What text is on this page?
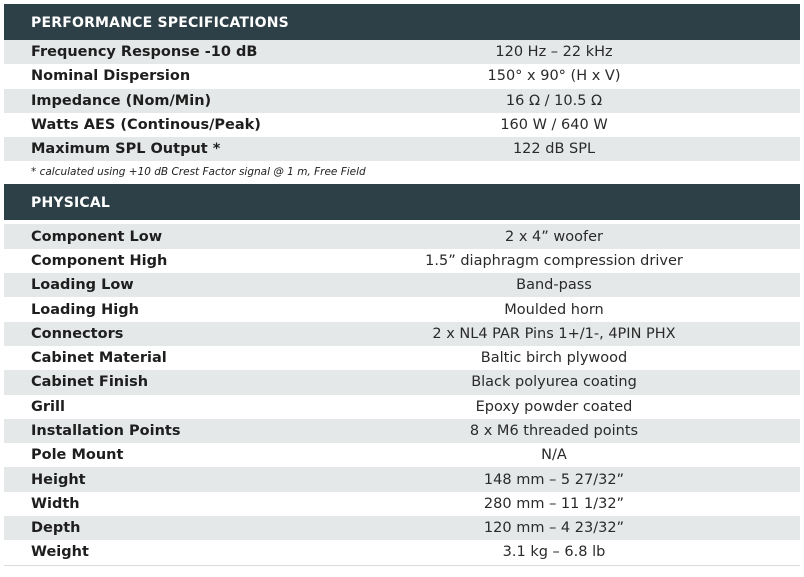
PERFORMANCE SPECIFICATIONS
Frequency Response -10 dB	120 Hz – 22 kHz
Nominal Dispersion	150° x 90° (H x V)
Impedance (Nom/Min)	16 Ω / 10.5 Ω
Watts AES (Continous/Peak)	160 W / 640 W
Maximum SPL Output *	122 dB SPL
* calculated using +10 dB Crest Factor signal @ 1 m, Free Field
PHYSICAL
Component Low	2 x 4” woofer
Component High	1.5” diaphragm compression driver
Loading Low	Band-pass
Loading High	Moulded horn
Connectors	2 x NL4 PAR Pins 1+/1-, 4PIN PHX
Cabinet Material	Baltic birch plywood
Cabinet Finish	Black polyurea coating
Grill	Epoxy powder coated
Installation Points	8 x M6 threaded points
Pole Mount	N/A
Height	148 mm – 5 27/32”
Width	280 mm – 11 1/32”
Depth	120 mm – 4 23/32”
Weight	3.1 kg – 6.8 lb
